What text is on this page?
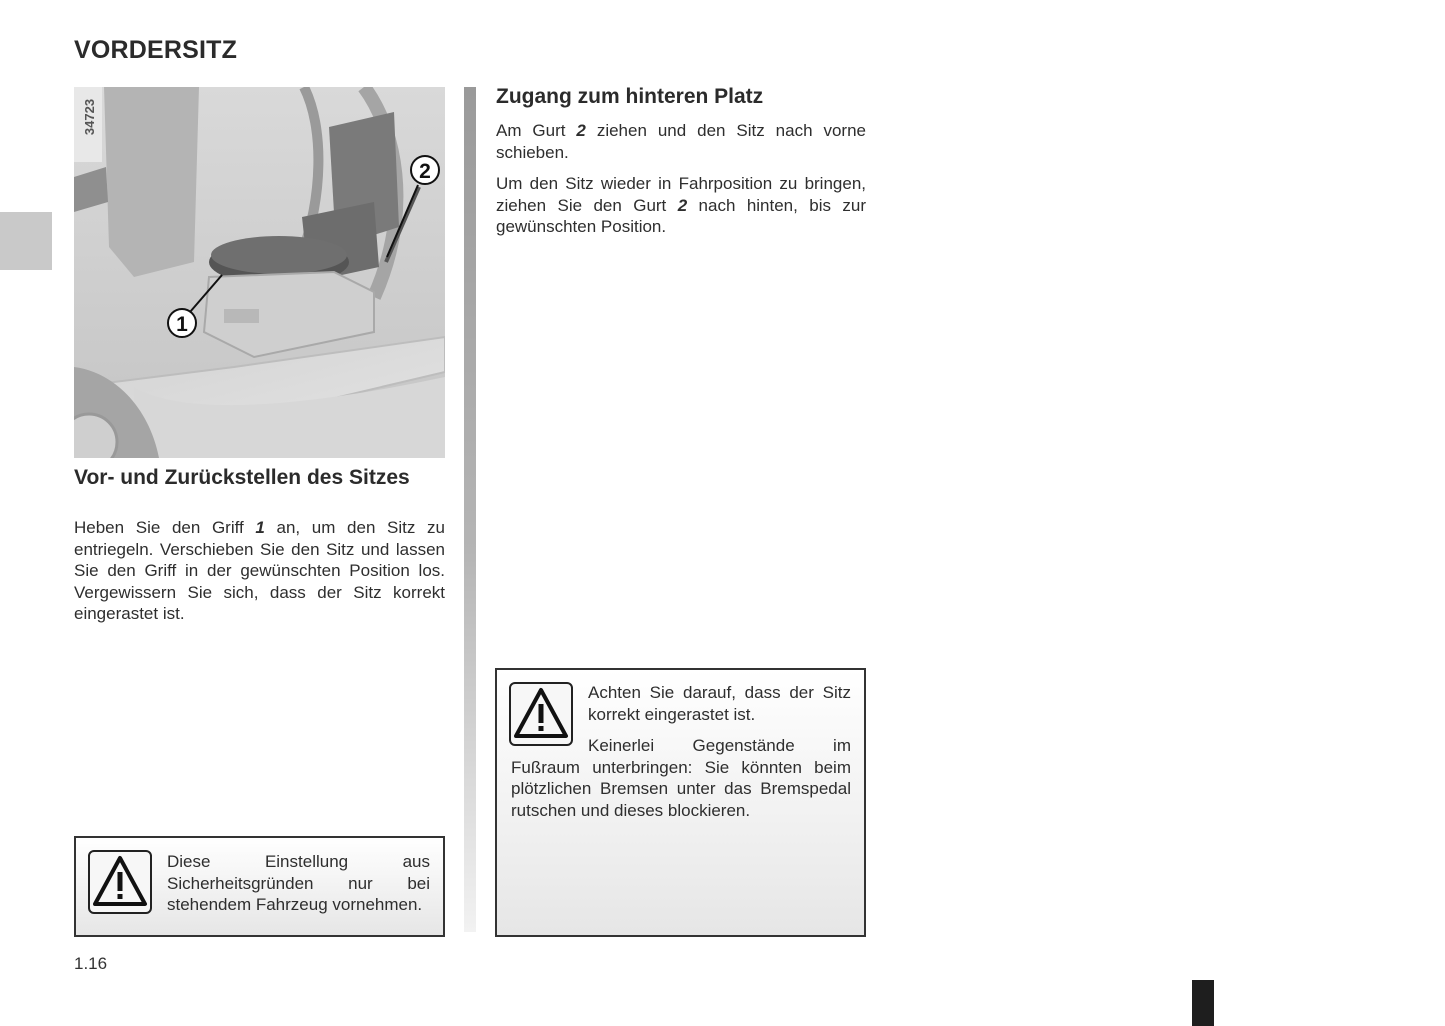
VORDERSITZ
1
2
34723
Vor- und Zurückstellen des Sitzes

Heben Sie den Griff 1 an, um den Sitz zu entriegeln. Verschieben Sie den Sitz und lassen Sie den Griff in der gewünschten Position los. Vergewissern Sie sich, dass der Sitz korrekt eingerastet ist.

Diese Einstellung aus Sicherheitsgründen nur bei stehendem Fahrzeug vornehmen.

Zugang zum hinteren Platz

Am Gurt 2 ziehen und den Sitz nach vorne schieben.

Um den Sitz wieder in Fahrposition zu bringen, ziehen Sie den Gurt 2 nach hinten, bis zur gewünschten Position.

Achten Sie darauf, dass der Sitz korrekt eingerastet ist.

Keinerlei Gegenstände im Fußraum unterbringen: Sie könnten beim plötzlichen Bremsen unter das Bremspedal rutschen und dieses blockieren.

1.16
